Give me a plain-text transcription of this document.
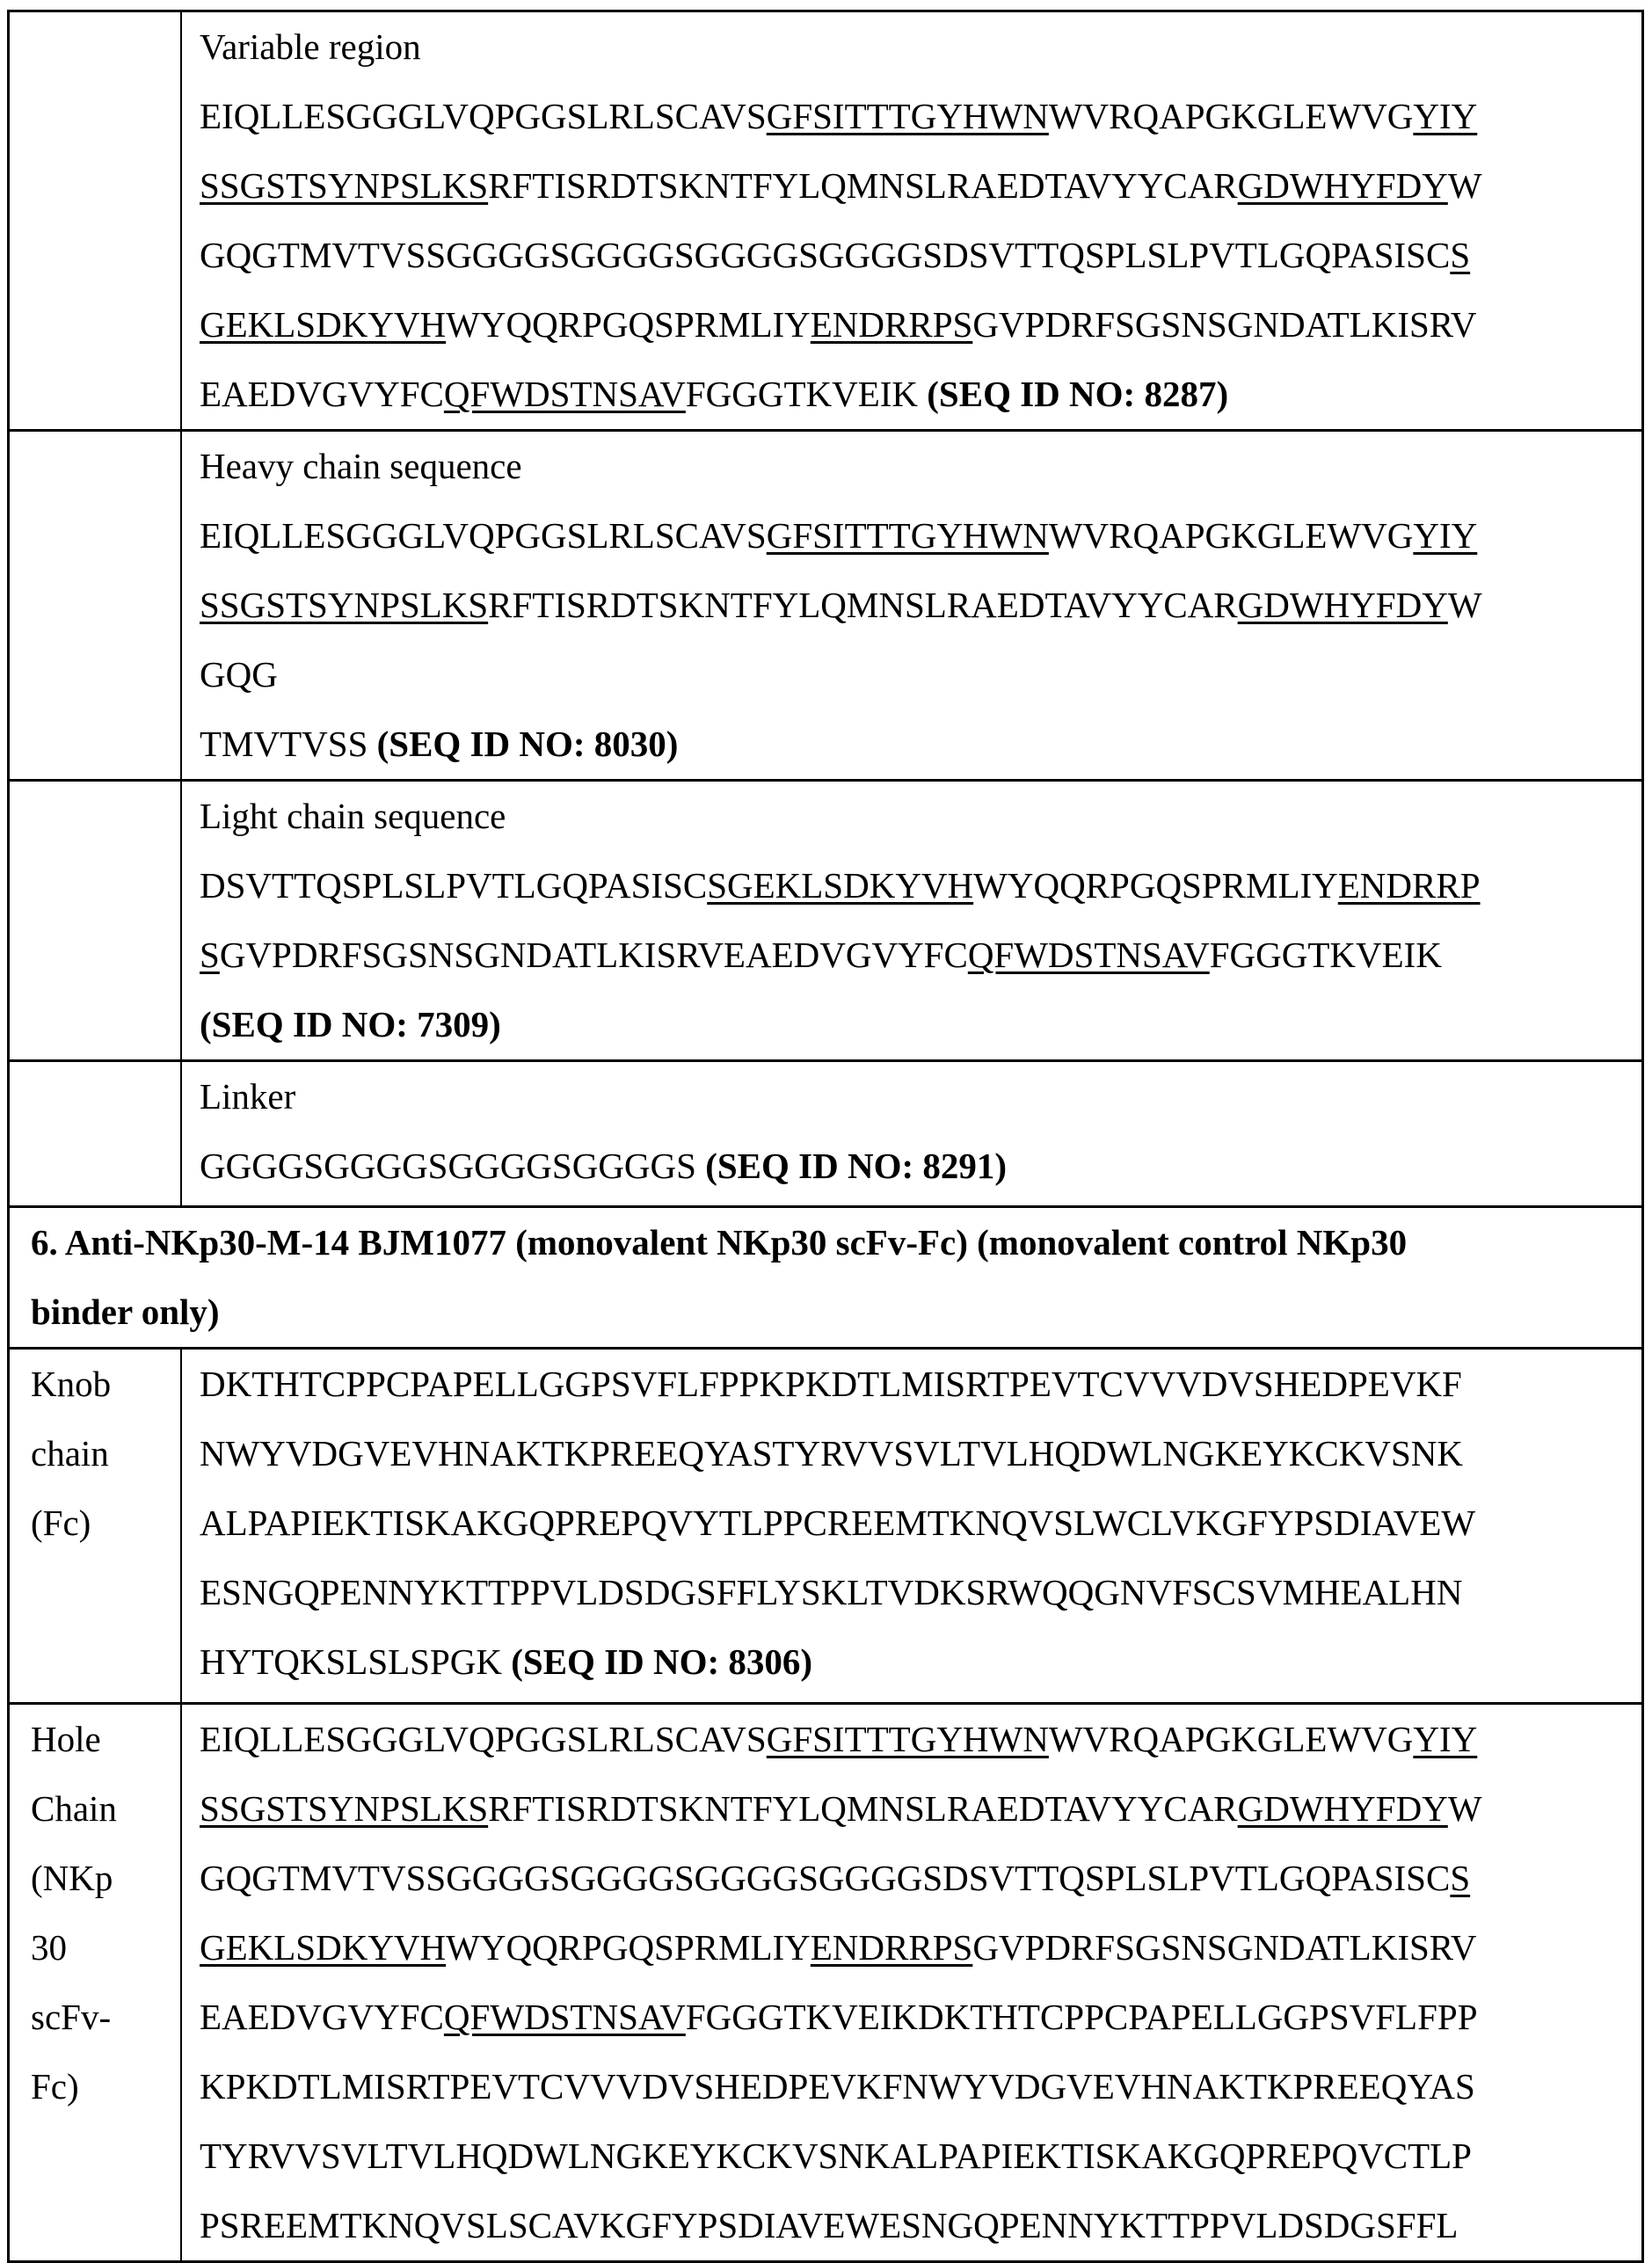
Variable region
EIQLLESGGGLVQPGGSLRLSCAVSGFSITTTGYHWNWVRQAPGKGLEWVGYIY
SSGSTSYNPSLKSRFTISRDTSKNTFYLQMNSLRAEDTAVYYCARGDWHYFDYW
GQGTMVTVSSGGGGSGGGGSGGGGSGGGGSDSVTTQSPLSLPVTLGQPASISCS
GEKLSDKYVHWYQQRPGQSPRMLIYENDRRPSGVPDRFSGSNSGNDATLKISRV
EAEDVGVYFCQFWDSTNSAVFGGGTKVEIK (SEQ ID NO: 8287)

Heavy chain sequence
EIQLLESGGGLVQPGGSLRLSCAVSGFSITTTGYHWNWVRQAPGKGLEWVGYIY
SSGSTSYNPSLKSRFTISRDTSKNTFYLQMNSLRAEDTAVYYCARGDWHYFDYW
GQG
TMVTVSS (SEQ ID NO: 8030)

Light chain sequence
DSVTTQSPLSLPVTLGQPASISCSGEKLSDKYVHWYQQRPGQSPRMLIYENDRRP
SGVPDRFSGSNSGNDATLKISRVEAEDVGVYFCQFWDSTNSAVFGGGTKVEIK
(SEQ ID NO: 7309)

Linker
GGGGSGGGGSGGGGSGGGGS (SEQ ID NO: 8291)

6. Anti-NKp30-M-14 BJM1077 (monovalent NKp30 scFv-Fc) (monovalent control NKp30
binder only)

Knob
chain
(Fc)

DKTHTCPPCPAPELLGGPSVFLFPPKPKDTLMISRTPEVTCVVVDVSHEDPEVKF
NWYVDGVEVHNAKTKPREEQYASTYRVVSVLTVLHQDWLNGKEYKCKVSNK
ALPAPIEKTISKAKGQPREPQVYTLPPCREEMTKNQVSLWCLVKGFYPSDIAVEW
ESNGQPENNYKTTPPVLDSDGSFFLYSKLTVDKSRWQQGNVFSCSVMHEALHN
HYTQKSLSLSPGK (SEQ ID NO: 8306)

Hole
Chain
(NKp
30
scFv-
Fc)

EIQLLESGGGLVQPGGSLRLSCAVSGFSITTTGYHWNWVRQAPGKGLEWVGYIY
SSGSTSYNPSLKSRFTISRDTSKNTFYLQMNSLRAEDTAVYYCARGDWHYFDYW
GQGTMVTVSSGGGGSGGGGSGGGGSGGGGSDSVTTQSPLSLPVTLGQPASISCS
GEKLSDKYVHWYQQRPGQSPRMLIYENDRRPSGVPDRFSGSNSGNDATLKISRV
EAEDVGVYFCQFWDSTNSAVFGGGTKVEIKDKTHTCPPCPAPELLGGPSVFLFPP
KPKDTLMISRTPEVTCVVVDVSHEDPEVKFNWYVDGVEVHNAKTKPREEQYAS
TYRVVSVLTVLHQDWLNGKEYKCKVSNKALPAPIEKTISKAKGQPREPQVCTLP
PSREEMTKNQVSLSCAVKGFYPSDIAVEWESNGQPENNYKTTPPVLDSDGSFFL
